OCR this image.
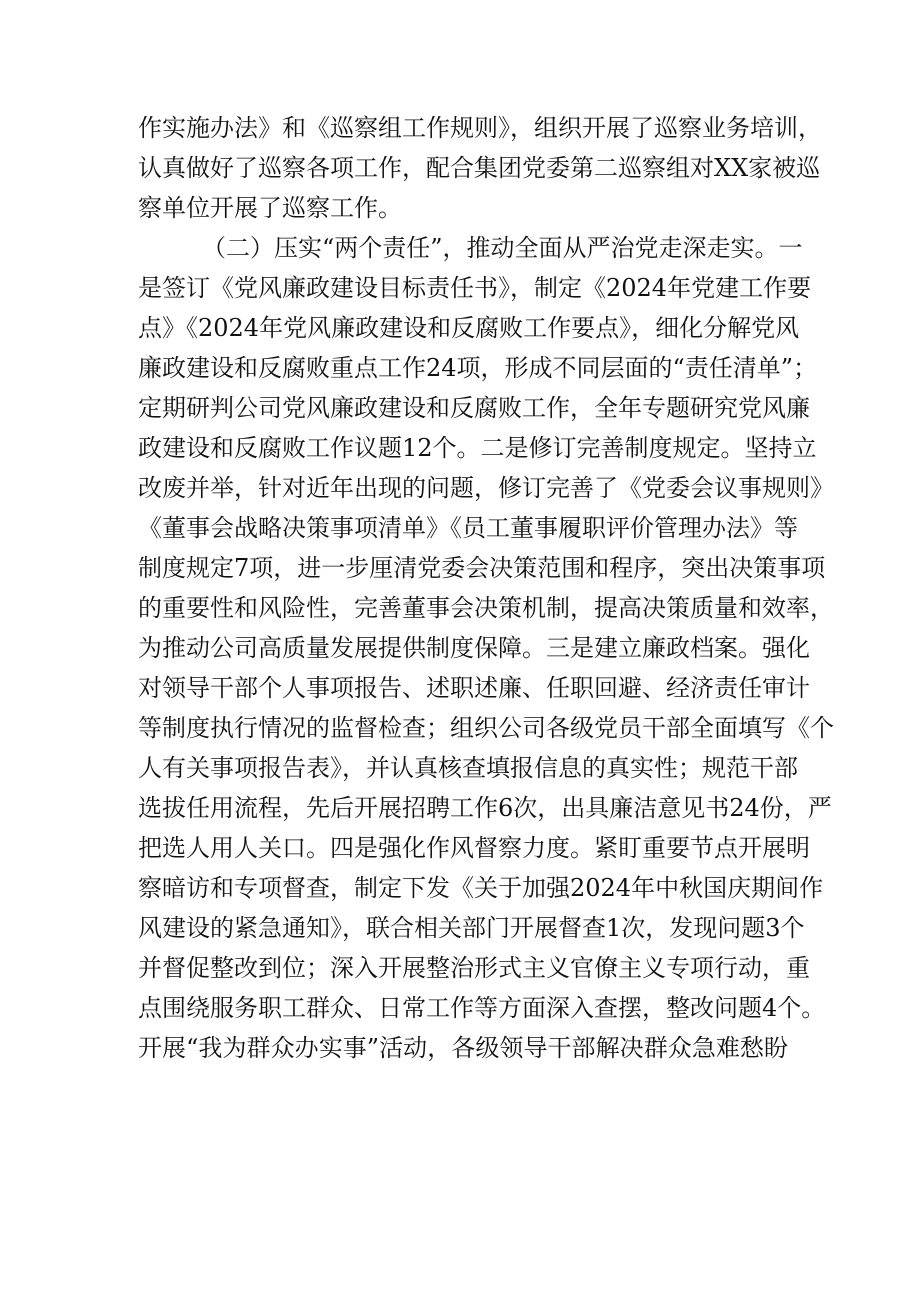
作实施办法》和《巡察组工作规则》，组织开展了巡察业务培训，
认真做好了巡察各项工作，配合集团党委第二巡察组对XX家被巡
察单位开展了巡察工作。
（二）压实“两个责任”，推动全面从严治党走深走实。一
是签订《党风廉政建设目标责任书》，制定《2024年党建工作要
点》《2024年党风廉政建设和反腐败工作要点》，细化分解党风
廉政建设和反腐败重点工作24项，形成不同层面的“责任清单”；
定期研判公司党风廉政建设和反腐败工作，全年专题研究党风廉
政建设和反腐败工作议题12个。二是修订完善制度规定。坚持立
改废并举，针对近年出现的问题，修订完善了《党委会议事规则》
《董事会战略决策事项清单》《员工董事履职评价管理办法》等
制度规定7项，进一步厘清党委会决策范围和程序，突出决策事项
的重要性和风险性，完善董事会决策机制，提高决策质量和效率，
为推动公司高质量发展提供制度保障。三是建立廉政档案。强化
对领导干部个人事项报告、述职述廉、任职回避、经济责任审计
等制度执行情况的监督检查；组织公司各级党员干部全面填写《个
人有关事项报告表》，并认真核查填报信息的真实性；规范干部
选拔任用流程，先后开展招聘工作6次，出具廉洁意见书24份，严
把选人用人关口。四是强化作风督察力度。紧盯重要节点开展明
察暗访和专项督查，制定下发《关于加强2024年中秋国庆期间作
风建设的紧急通知》，联合相关部门开展督查1次，发现问题3个
并督促整改到位；深入开展整治形式主义官僚主义专项行动，重
点围绕服务职工群众、日常工作等方面深入查摆，整改问题4个。
开展“我为群众办实事”活动，各级领导干部解决群众急难愁盼
